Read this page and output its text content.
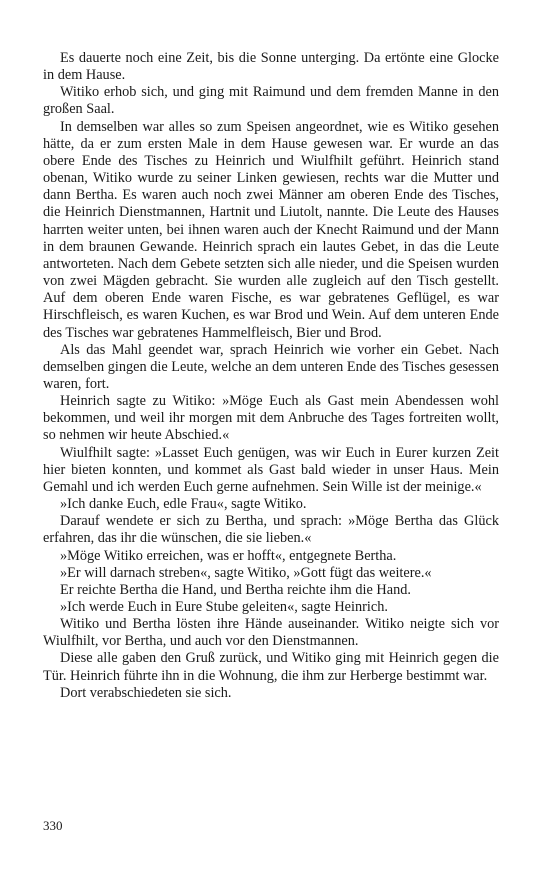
Es dauerte noch eine Zeit, bis die Sonne unterging. Da ertönte eine Glocke in dem Hause.

Witiko erhob sich, und ging mit Raimund und dem fremden Manne in den großen Saal.

In demselben war alles so zum Speisen angeordnet, wie es Witiko gesehen hätte, da er zum ersten Male in dem Hause gewesen war. Er wurde an das obere Ende des Tisches zu Heinrich und Wiulfhilt geführt. Heinrich stand obenan, Witiko wurde zu seiner Linken gewiesen, rechts war die Mutter und dann Bertha. Es waren auch noch zwei Männer am oberen Ende des Tisches, die Heinrich Dienstmannen, Hartnit und Liutolt, nannte. Die Leute des Hauses harrten weiter unten, bei ihnen waren auch der Knecht Raimund und der Mann in dem braunen Gewande. Heinrich sprach ein lautes Gebet, in das die Leute antworteten. Nach dem Gebete setzten sich alle nieder, und die Speisen wurden von zwei Mägden gebracht. Sie wurden alle zugleich auf den Tisch gestellt. Auf dem oberen Ende waren Fische, es war gebratenes Geflügel, es war Hirschfleisch, es waren Kuchen, es war Brod und Wein. Auf dem unteren Ende des Tisches war gebratenes Hammelfleisch, Bier und Brod.

Als das Mahl geendet war, sprach Heinrich wie vorher ein Gebet. Nach demselben gingen die Leute, welche an dem unteren Ende des Tisches gesessen waren, fort.

Heinrich sagte zu Witiko: »Möge Euch als Gast mein Abendessen wohl bekommen, und weil ihr morgen mit dem Anbruche des Tages fortreiten wollt, so nehmen wir heute Abschied.«

Wiulfhilt sagte: »Lasset Euch genügen, was wir Euch in Eurer kurzen Zeit hier bieten konnten, und kommet als Gast bald wieder in unser Haus. Mein Gemahl und ich werden Euch gerne aufnehmen. Sein Wille ist der meinige.«

»Ich danke Euch, edle Frau«, sagte Witiko.

Darauf wendete er sich zu Bertha, und sprach: »Möge Bertha das Glück erfahren, das ihr die wünschen, die sie lieben.«

»Möge Witiko erreichen, was er hofft«, entgegnete Bertha.

»Er will darnach streben«, sagte Witiko, »Gott fügt das weitere.«

Er reichte Bertha die Hand, und Bertha reichte ihm die Hand.

»Ich werde Euch in Eure Stube geleiten«, sagte Heinrich.

Witiko und Bertha lösten ihre Hände auseinander. Witiko neigte sich vor Wiulfhilt, vor Bertha, und auch vor den Dienstmannen.

Diese alle gaben den Gruß zurück, und Witiko ging mit Heinrich gegen die Tür. Heinrich führte ihn in die Wohnung, die ihm zur Herberge bestimmt war.

Dort verabschiedeten sie sich.

330
